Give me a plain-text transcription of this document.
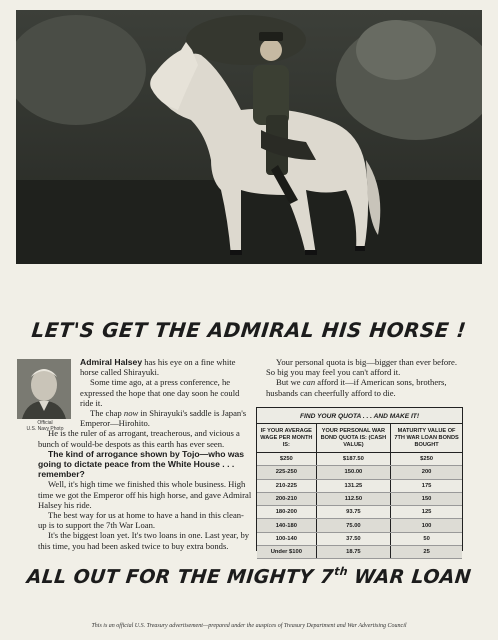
LET'S GET THE ADMIRAL HIS HORSE !
Official
U.S. Navy Photo

Admiral Halsey has his eye on a fine white horse called Shirayuki.

Some time ago, at a press conference, he expressed the hope that one day soon he could ride it.

The chap now in Shirayuki's saddle is Japan's Emperor—Hirohito.

He is the ruler of as arrogant, treacherous, and vicious a bunch of would-be despots as this earth has ever seen.

The kind of arrogance shown by Tojo—who was going to dictate peace from the White House . . . remember?

Well, it's high time we finished this whole business. High time we got the Emperor off his high horse, and gave Admiral Halsey his ride.

The best way for us at home to have a hand in this clean-up is to support the 7th War Loan.

It's the biggest loan yet. It's two loans in one. Last year, by this time, you had been asked twice to buy extra bonds.

Your personal quota is big—bigger than ever before. So big you may feel you can't afford it.

But we can afford it—if American sons, brothers, husbands can cheerfully afford to die.

FIND YOUR QUOTA . . . AND MAKE IT!
IF YOUR AVERAGE WAGE PER MONTH IS:	YOUR PERSONAL WAR BOND QUOTA IS: (CASH VALUE)	MATURITY VALUE OF 7TH WAR LOAN BONDS BOUGHT
$250	$187.50	$250
225-250	150.00	200
210-225	131.25	175
200-210	112.50	150
180-200	93.75	125
140-180	75.00	100
100-140	37.50	50
Under $100	18.75	25
ALL OUT FOR THE MIGHTY 7th WAR LOAN
This is an official U.S. Treasury advertisement—prepared under the auspices of Treasury Department and War Advertising Council
